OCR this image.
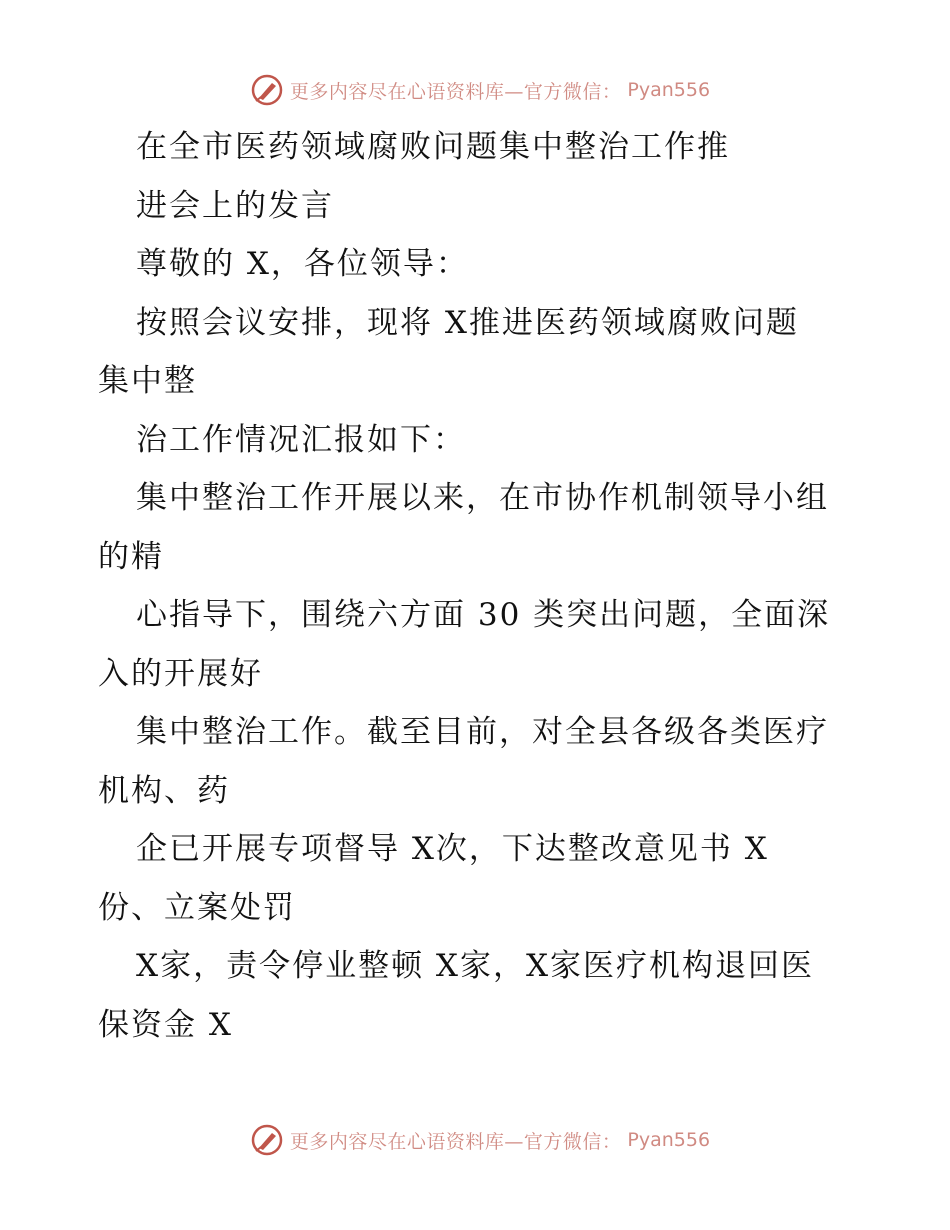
更多内容尽在心语资料库—官方微信： Pyan556
在全市医药领域腐败问题集中整治工作推
进会上的发言
尊敬的 X，各位领导：
按照会议安排，现将 X推进医药领域腐败问题
集中整
治工作情况汇报如下：
集中整治工作开展以来，在市协作机制领导小组
的精
心指导下，围绕六方面 30 类突出问题，全面深
入的开展好
集中整治工作。截至目前，对全县各级各类医疗
机构、药
企已开展专项督导 X次，下达整改意见书 X
份、立案处罚
X家，责令停业整顿 X家，X家医疗机构退回医
保资金 X
更多内容尽在心语资料库—官方微信： Pyan556
